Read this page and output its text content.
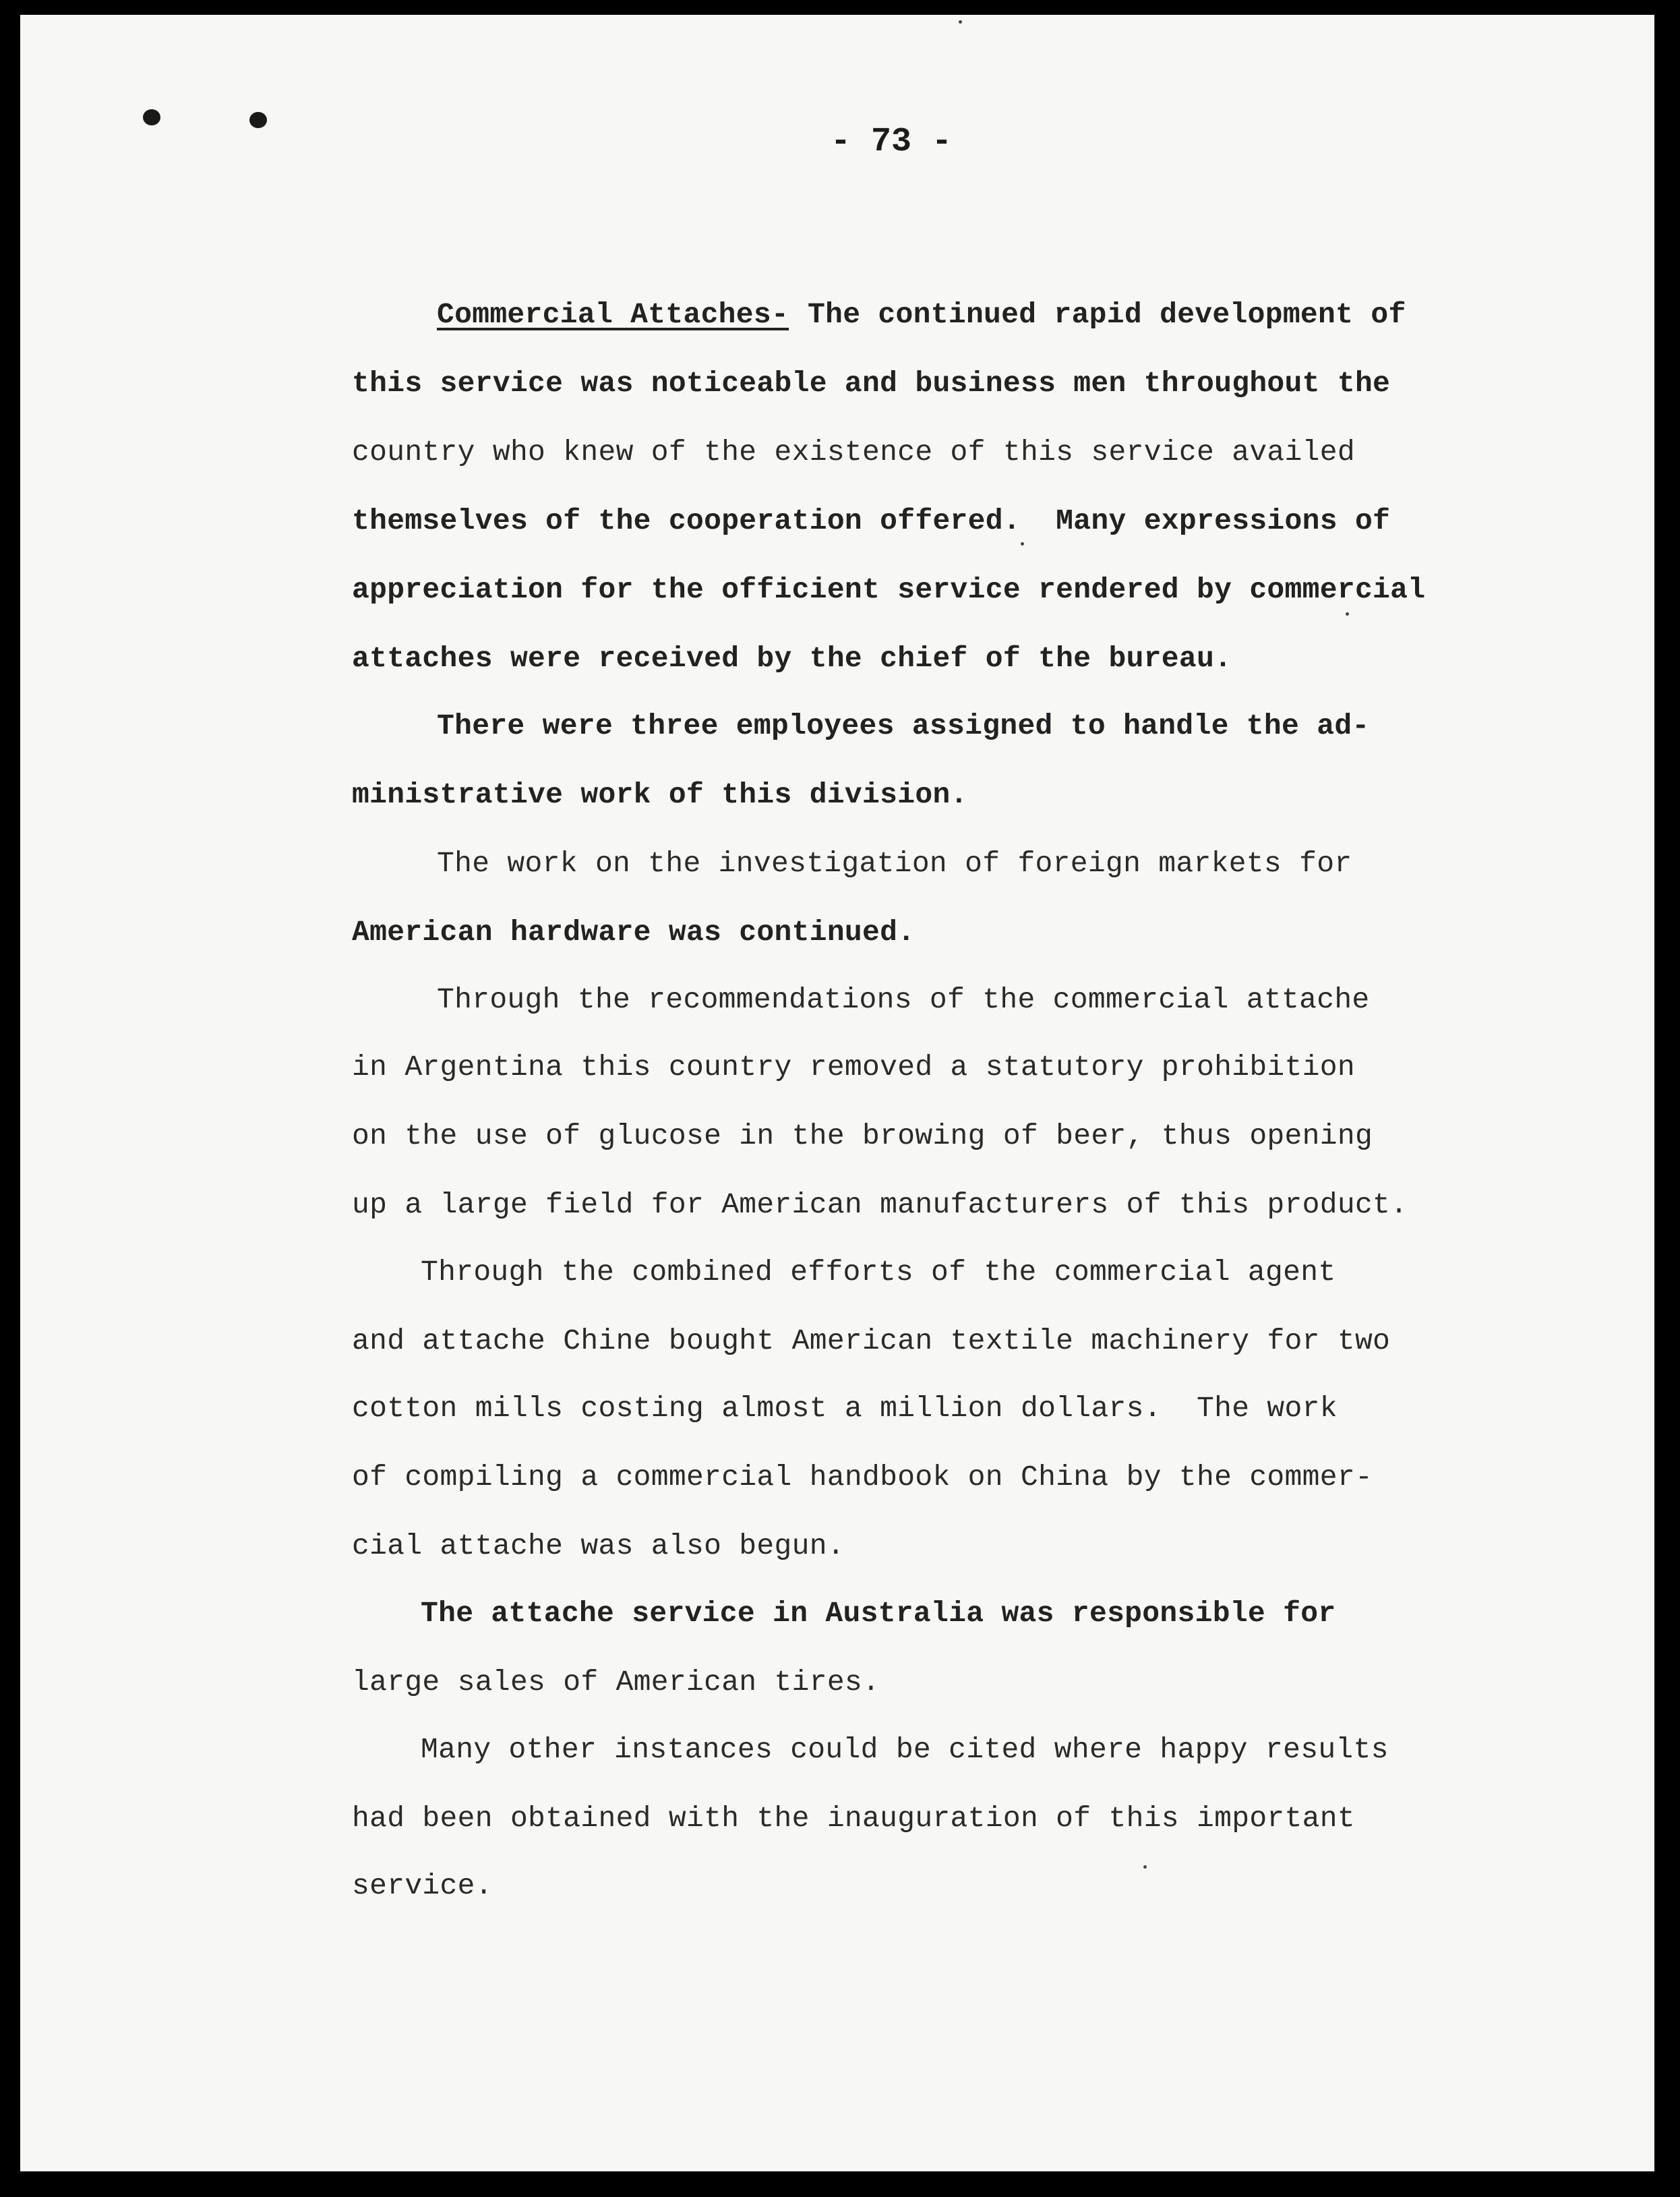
- 73 -
Commercial Attaches- The continued rapid development of
this service was noticeable and business men throughout the
country who knew of the existence of this service availed
themselves of the cooperation offered.  Many expressions of
appreciation for the officient service rendered by commercial
attaches were received by the chief of the bureau.
There were three employees assigned to handle the ad-
ministrative work of this division.
The work on the investigation of foreign markets for
American hardware was continued.
Through the recommendations of the commercial attache
in Argentina this country removed a statutory prohibition
on the use of glucose in the browing of beer, thus opening
up a large field for American manufacturers of this product.
Through the combined efforts of the commercial agent
and attache Chine bought American textile machinery for two
cotton mills costing almost a million dollars.  The work
of compiling a commercial handbook on China by the commer-
cial attache was also begun.
The attache service in Australia was responsible for
large sales of American tires.
Many other instances could be cited where happy results
had been obtained with the inauguration of this important
service.
